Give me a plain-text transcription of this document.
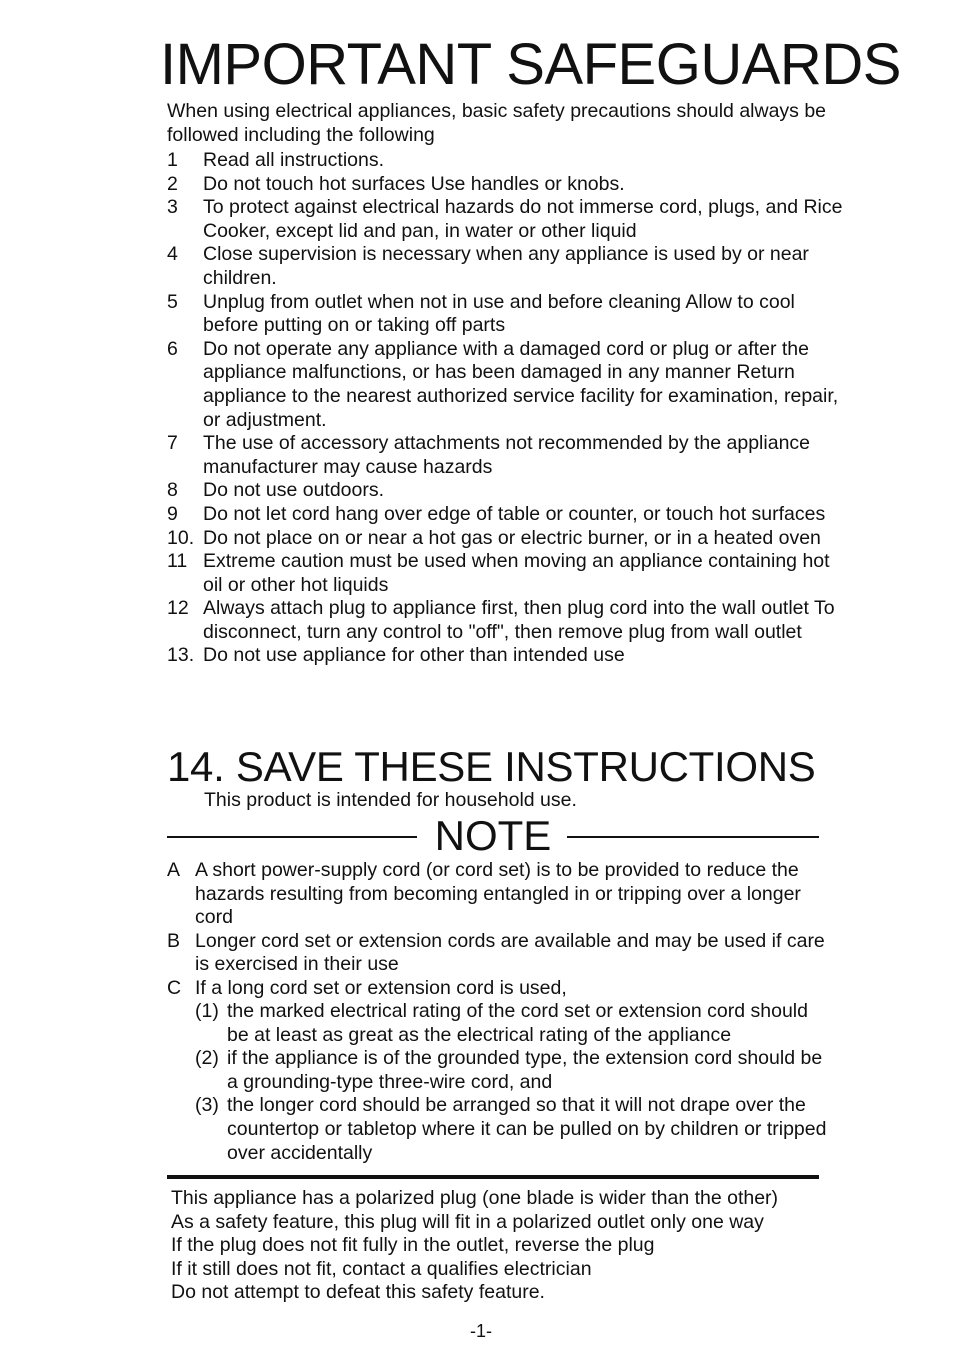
IMPORTANT SAFEGUARDS
When using electrical appliances, basic safety precautions should always be followed including the following
1	Read all instructions.
2	Do not touch hot surfaces Use handles or knobs.
3	To protect against electrical hazards do not immerse cord, plugs, and Rice Cooker, except lid and pan, in water or other liquid
4	Close supervision is necessary when any appliance is used by or near children.
5	Unplug from outlet when not in use and before cleaning Allow to cool before putting on or taking off parts
6	Do not operate any appliance with a damaged cord or plug or after the appliance malfunctions, or has been damaged in any manner Return appliance to the nearest authorized service facility for examination, repair, or adjustment.
7	The use of accessory attachments not recommended by the appliance manufacturer may cause hazards
8	Do not use outdoors.
9	Do not let cord hang over edge of table or counter, or touch hot surfaces
10. Do not place on or near a hot gas or electric burner, or in a heated oven
11 Extreme caution must be used when moving an appliance containing hot oil or other hot liquids
12 Always attach plug to appliance first, then plug cord into the wall outlet To disconnect, turn any control to "off", then remove plug from wall outlet
13. Do not use appliance for other than intended use
14. SAVE THESE INSTRUCTIONS
This product is intended for household use.
NOTE
A A short power-supply cord (or cord set) is to be provided to reduce the hazards resulting from becoming entangled in or tripping over a longer cord
B Longer cord set or extension cords are available and may be used if care is exercised in their use
C If a long cord set or extension cord is used,
(1) the marked electrical rating of the cord set or extension cord should be at least as great as the electrical rating of the appliance
(2) if the appliance is of the grounded type, the extension cord should be a grounding-type three-wire cord, and
(3) the longer cord should be arranged so that it will not drape over the countertop or tabletop where it can be pulled on by children or tripped over accidentally
This appliance has a polarized plug (one blade is wider than the other)
As a safety feature, this plug will fit in a polarized outlet only one way
If the plug does not fit fully in the outlet, reverse the plug
If it still does not fit, contact a qualifies electrician
Do not attempt to defeat this safety feature.
-1-
